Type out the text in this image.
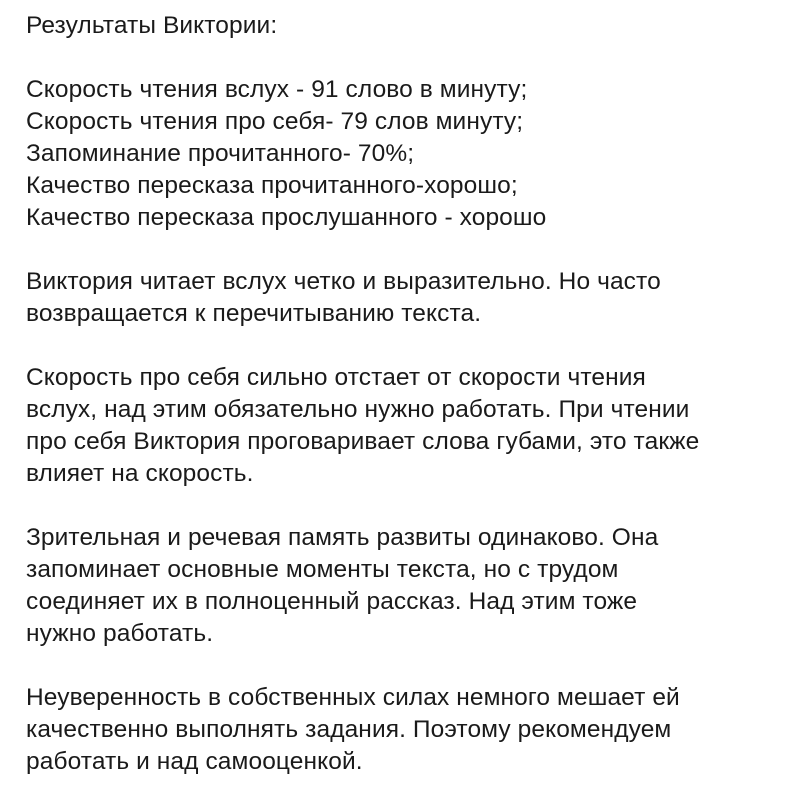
Результаты Виктории:
Скорость чтения вслух - 91 слово в минуту;
Скорость чтения про себя- 79 слов минуту;
Запоминание прочитанного- 70%;
Качество пересказа прочитанного-хорошо;
Качество пересказа прослушанного - хорошо
Виктория читает вслух четко и выразительно. Но часто
возвращается к перечитыванию текста.
Скорость про себя сильно отстает от скорости чтения
вслух, над этим обязательно нужно работать. При чтении
про себя Виктория проговаривает слова губами, это также
влияет на скорость.
Зрительная и речевая память развиты одинаково. Она
запоминает основные моменты текста, но с трудом
соединяет их в полноценный рассказ. Над этим тоже
нужно работать.
Неуверенность в собственных силах немного мешает ей
качественно выполнять задания. Поэтому рекомендуем
работать и над самооценкой.
